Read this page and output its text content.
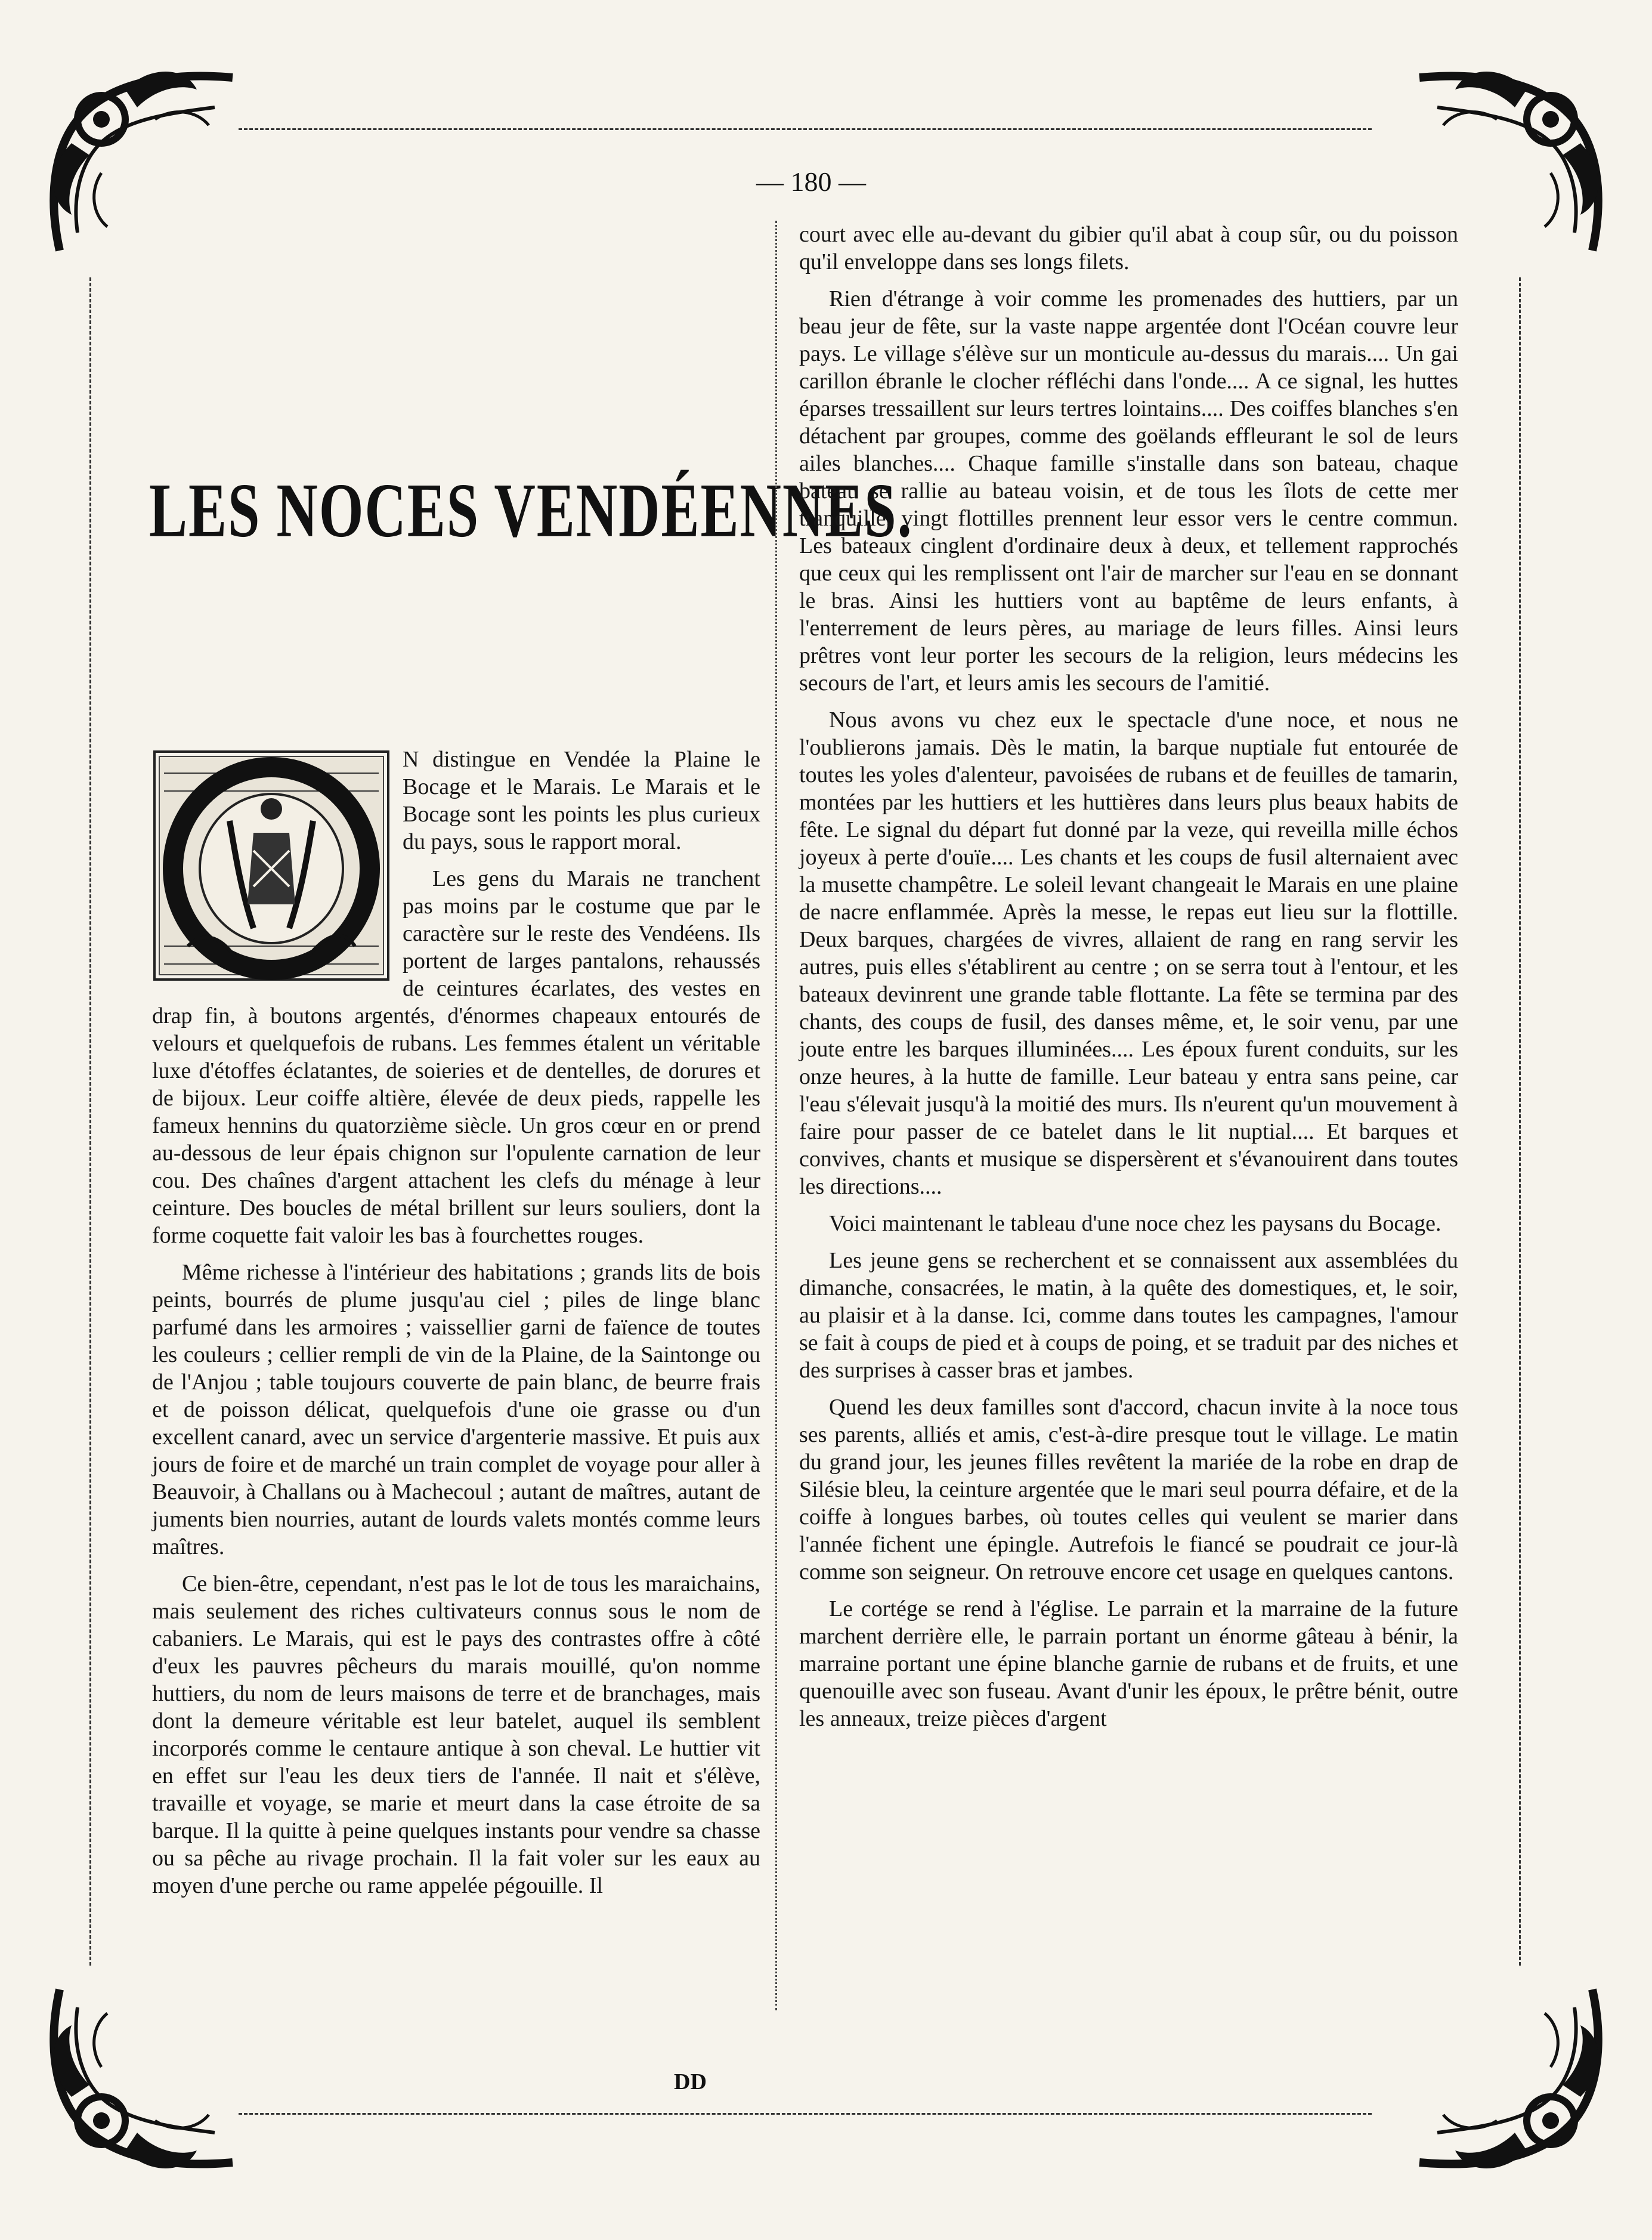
— 180 —
LES NOCES VENDÉENNES.

N distingue en Vendée la Plaine le Bocage et le Marais. Le Marais et le Bocage sont les points les plus curieux du pays, sous le rapport moral.

Les gens du Marais ne tranchent pas moins par le costume que par le caractère sur le reste des Vendéens. Ils portent de larges pantalons, rehaussés de ceintures écarlates, des vestes en drap fin, à boutons argentés, d'énormes chapeaux entourés de velours et quelquefois de rubans. Les femmes étalent un véritable luxe d'étoffes éclatantes, de soieries et de dentelles, de dorures et de bijoux. Leur coiffe altière, élevée de deux pieds, rappelle les fameux hennins du quatorzième siècle. Un gros cœur en or prend au-dessous de leur épais chignon sur l'opulente carnation de leur cou. Des chaînes d'argent attachent les clefs du ménage à leur ceinture. Des boucles de métal brillent sur leurs souliers, dont la forme coquette fait valoir les bas à fourchettes rouges.

Même richesse à l'intérieur des habitations ; grands lits de bois peints, bourrés de plume jusqu'au ciel ; piles de linge blanc parfumé dans les armoires ; vaissellier garni de faïence de toutes les couleurs ; cellier rempli de vin de la Plaine, de la Saintonge ou de l'Anjou ; table toujours couverte de pain blanc, de beurre frais et de poisson délicat, quelquefois d'une oie grasse ou d'un excellent canard, avec un service d'argenterie massive. Et puis aux jours de foire et de marché un train complet de voyage pour aller à Beauvoir, à Challans ou à Machecoul ; autant de maîtres, autant de juments bien nourries, autant de lourds valets montés comme leurs maîtres.

Ce bien-être, cependant, n'est pas le lot de tous les maraichains, mais seulement des riches cultivateurs connus sous le nom de cabaniers. Le Marais, qui est le pays des contrastes offre à côté d'eux les pauvres pêcheurs du marais mouillé, qu'on nomme huttiers, du nom de leurs maisons de terre et de branchages, mais dont la demeure véritable est leur batelet, auquel ils semblent incorporés comme le centaure antique à son cheval. Le huttier vit en effet sur l'eau les deux tiers de l'année. Il nait et s'élève, travaille et voyage, se marie et meurt dans la case étroite de sa barque. Il la quitte à peine quelques instants pour vendre sa chasse ou sa pêche au rivage prochain. Il la fait voler sur les eaux au moyen d'une perche ou rame appelée pégouille. Il

court avec elle au-devant du gibier qu'il abat à coup sûr, ou du poisson qu'il enveloppe dans ses longs filets.

Rien d'étrange à voir comme les promenades des huttiers, par un beau jeur de fête, sur la vaste nappe argentée dont l'Océan couvre leur pays. Le village s'élève sur un monticule au-dessus du marais.... Un gai carillon ébranle le clocher réfléchi dans l'onde.... A ce signal, les huttes éparses tressaillent sur leurs tertres lointains.... Des coiffes blanches s'en détachent par groupes, comme des goëlands effleurant le sol de leurs ailes blanches.... Chaque famille s'installe dans son bateau, chaque bateau se rallie au bateau voisin, et de tous les îlots de cette mer tranquille, vingt flottilles prennent leur essor vers le centre commun. Les bateaux cinglent d'ordinaire deux à deux, et tellement rapprochés que ceux qui les remplissent ont l'air de marcher sur l'eau en se donnant le bras. Ainsi les huttiers vont au baptême de leurs enfants, à l'enterrement de leurs pères, au mariage de leurs filles. Ainsi leurs prêtres vont leur porter les secours de la religion, leurs médecins les secours de l'art, et leurs amis les secours de l'amitié.

Nous avons vu chez eux le spectacle d'une noce, et nous ne l'oublierons jamais. Dès le matin, la barque nuptiale fut entourée de toutes les yoles d'alenteur, pavoisées de rubans et de feuilles de tamarin, montées par les huttiers et les huttières dans leurs plus beaux habits de fête. Le signal du départ fut donné par la veze, qui reveilla mille échos joyeux à perte d'ouïe.... Les chants et les coups de fusil alternaient avec la musette champêtre. Le soleil levant changeait le Marais en une plaine de nacre enflammée. Après la messe, le repas eut lieu sur la flottille. Deux barques, chargées de vivres, allaient de rang en rang servir les autres, puis elles s'établirent au centre ; on se serra tout à l'entour, et les bateaux devinrent une grande table flottante. La fête se termina par des chants, des coups de fusil, des danses même, et, le soir venu, par une joute entre les barques illuminées.... Les époux furent conduits, sur les onze heures, à la hutte de famille. Leur bateau y entra sans peine, car l'eau s'élevait jusqu'à la moitié des murs. Ils n'eurent qu'un mouvement à faire pour passer de ce batelet dans le lit nuptial.... Et barques et convives, chants et musique se dispersèrent et s'évanouirent dans toutes les directions....

Voici maintenant le tableau d'une noce chez les paysans du Bocage.

Les jeune gens se recherchent et se connaissent aux assemblées du dimanche, consacrées, le matin, à la quête des domestiques, et, le soir, au plaisir et à la danse. Ici, comme dans toutes les campagnes, l'amour se fait à coups de pied et à coups de poing, et se traduit par des niches et des surprises à casser bras et jambes.

Quend les deux familles sont d'accord, chacun invite à la noce tous ses parents, alliés et amis, c'est-à-dire presque tout le village. Le matin du grand jour, les jeunes filles revêtent la mariée de la robe en drap de Silésie bleu, la ceinture argentée que le mari seul pourra défaire, et de la coiffe à longues barbes, où toutes celles qui veulent se marier dans l'année fichent une épingle. Autrefois le fiancé se poudrait ce jour-là comme son seigneur. On retrouve encore cet usage en quelques cantons.

Le cortége se rend à l'église. Le parrain et la marraine de la future marchent derrière elle, le parrain portant un énorme gâteau à bénir, la marraine portant une épine blanche garnie de rubans et de fruits, et une quenouille avec son fuseau. Avant d'unir les époux, le prêtre bénit, outre les anneaux, treize pièces d'argent

DD
